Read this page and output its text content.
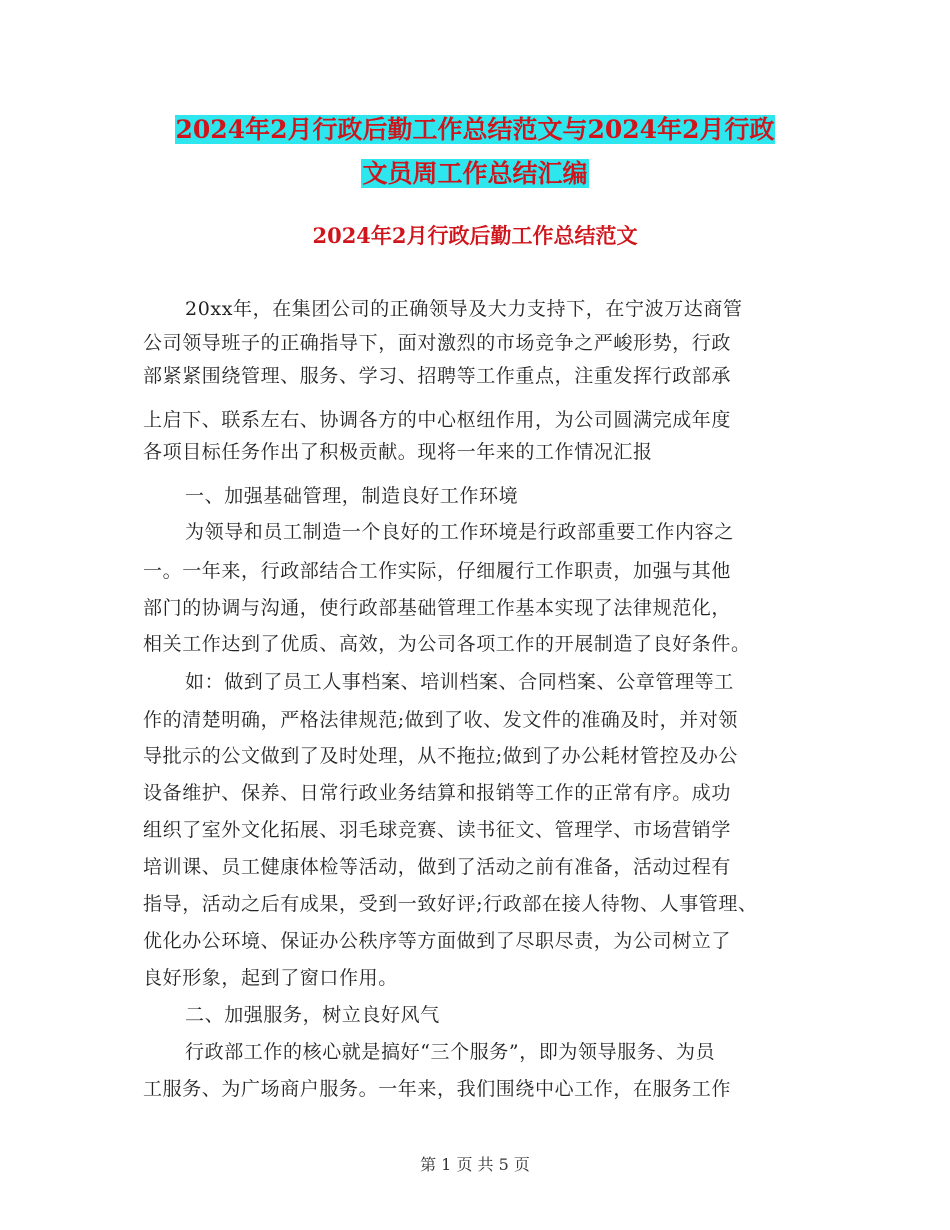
2024年2月行政后勤工作总结范文与2024年2月行政
文员周工作总结汇编
2024年2月行政后勤工作总结范文
20xx年，在集团公司的正确领导及大力支持下，在宁波万达商管
公司领导班子的正确指导下，面对激烈的市场竞争之严峻形势，行政
部紧紧围绕管理、服务、学习、招聘等工作重点，注重发挥行政部承
上启下、联系左右、协调各方的中心枢纽作用，为公司圆满完成年度
各项目标任务作出了积极贡献。现将一年来的工作情况汇报
一、加强基础管理，制造良好工作环境
为领导和员工制造一个良好的工作环境是行政部重要工作内容之
一。一年来，行政部结合工作实际，仔细履行工作职责，加强与其他
部门的协调与沟通，使行政部基础管理工作基本实现了法律规范化，
相关工作达到了优质、高效，为公司各项工作的开展制造了良好条件。
如：做到了员工人事档案、培训档案、合同档案、公章管理等工
作的清楚明确，严格法律规范;做到了收、发文件的准确及时，并对领
导批示的公文做到了及时处理，从不拖拉;做到了办公耗材管控及办公
设备维护、保养、日常行政业务结算和报销等工作的正常有序。成功
组织了室外文化拓展、羽毛球竞赛、读书征文、管理学、市场营销学
培训课、员工健康体检等活动，做到了活动之前有准备，活动过程有
指导，活动之后有成果，受到一致好评;行政部在接人待物、人事管理、
优化办公环境、保证办公秩序等方面做到了尽职尽责，为公司树立了
良好形象，起到了窗口作用。
二、加强服务，树立良好风气
行政部工作的核心就是搞好“三个服务”，即为领导服务、为员
工服务、为广场商户服务。一年来，我们围绕中心工作，在服务工作
第 1 页 共 5 页
